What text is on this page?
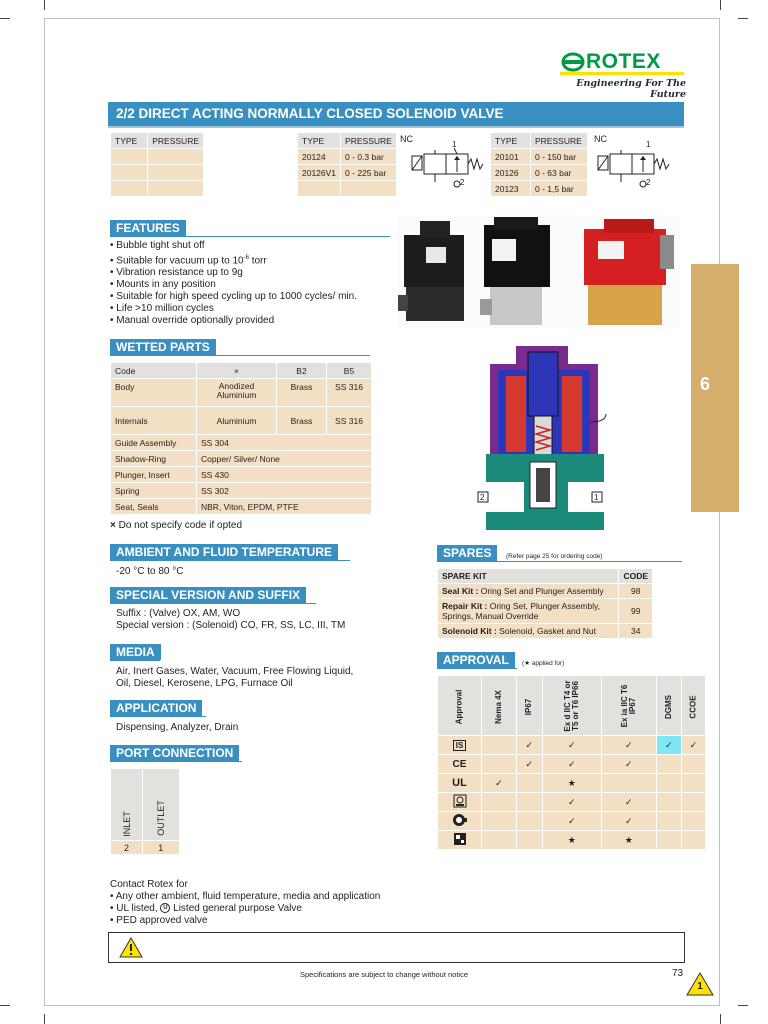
ROTEX
Engineering For The Future
2/2 DIRECT ACTING NORMALLY CLOSED SOLENOID VALVE
TYPE	PRESSURE

		TYPE	PRESSURE
20124	0 - 0.3 bar
20126V1	0 - 225 bar

TYPE	PRESSURE
20101	0 - 150 bar
20126	0 - 63 bar
20123	0 - 1,5 bar
NC
1
2
NC
1
2
FEATURES
• Bubble tight shut off
• Suitable for vacuum up to $10^{-6}$ torr
• Vibration resistance up to 9g
• Mounts in any position
• Suitable for high speed cycling up to 1000 cycles/ min.
• Life >10 million cycles
• Manual override optionally provided
WETTED PARTS
Code	×	B2	B5
Body	Anodized Aluminium	Brass	SS 316
Internals	Aluminium	Brass	SS 316
Guide Assembly	SS 304		
Shadow-Ring	Copper/ Silver/ None		
Plunger, Insert	SS 430		
Spring	SS 302		
Seat, Seals	NBR, Viton, EPDM, PTFE		
× Do not specify code if opted
2	1
6
AMBIENT AND FLUID TEMPERATURE
-20 °C to 80 °C
SPECIAL VERSION AND SUFFIX
Suffix : (Valve) OX, AM, WO
Special version : (Solenoid) CO, FR, SS, LC, III, TM
MEDIA
Air, Inert Gases, Water, Vacuum, Free Flowing Liquid,
Oil, Diesel, Kerosene, LPG, Furnace Oil
APPLICATION
Dispensing, Analyzer, Drain
PORT CONNECTION
INLET	OUTLET
2	1
SPARES	(Refer page 25 for ordering code)
SPARE KIT	CODE
Seal Kit : Oring Set and Plunger Assembly	98
Repair Kit : Oring Set, Plunger Assembly, Springs, Manual Override	99
Solenoid Kit : Solenoid, Gasket and Nut	34
APPROVAL	(★ applied for)
Approval	Nema 4X	IP67	Ex d IIC T4 or T5 or T6 IP66	Ex ia IIC T6 IP67	DGMS	CCOE
IS		✓	✓	✓	✓	✓
CE		✓	✓	✓		
UL	✓		★			
			✓	✓		
			✓	✓		
			★	★		
Contact Rotex for
• Any other ambient, fluid temperature, media and application
• UL listed, U Listed general purpose Valve
• PED approved valve
Specifications are subject to change without notice	73
1
